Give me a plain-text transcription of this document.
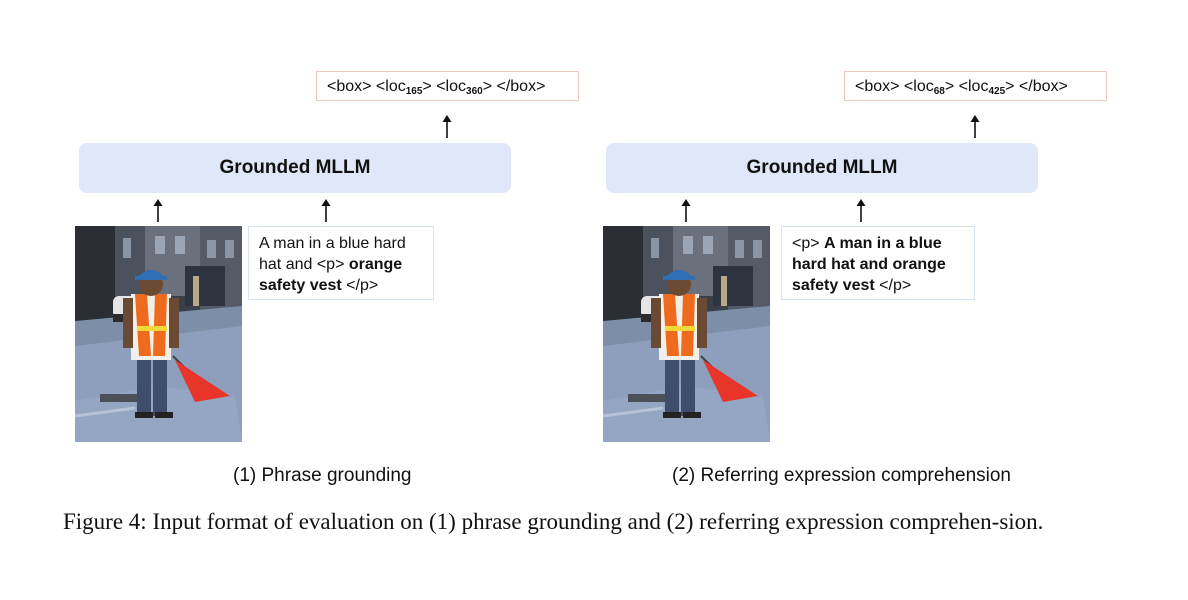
<box> <loc$_{165}$> <loc$_{360}$> </box>
Grounded MLLM
A man in a blue hard hat and <p> orange safety vest </p>
(1) Phrase grounding
<box> <loc$_{68}$> <loc$_{425}$> </box>
Grounded MLLM
<p> A man in a blue hard hat and orange safety vest </p>
(2) Referring expression comprehension
Figure 4: Input format of evaluation on (1) phrase grounding and (2) referring expression comprehen-sion.
